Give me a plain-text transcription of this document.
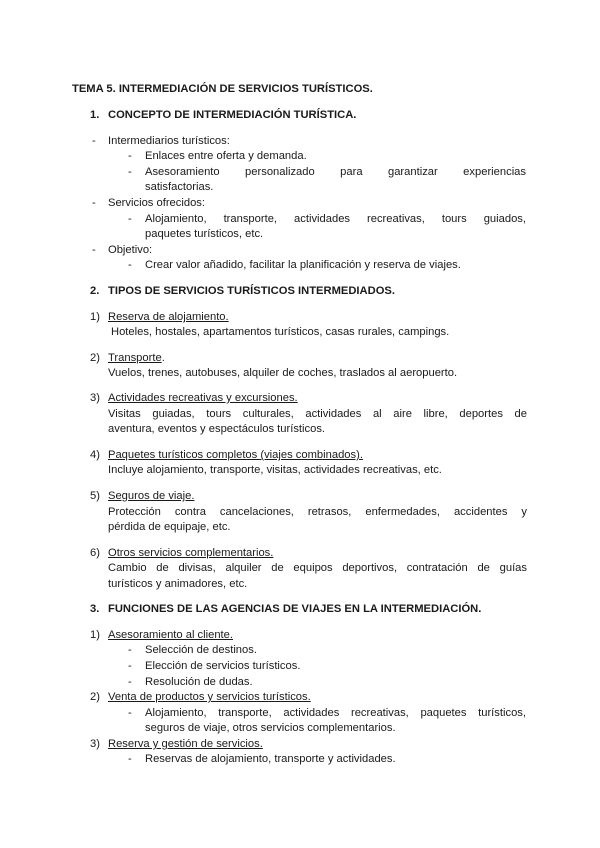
TEMA 5. INTERMEDIACIÓN DE SERVICIOS TURÍSTICOS.
1. CONCEPTO DE INTERMEDIACIÓN TURÍSTICA.
- Intermediarios turísticos:
- Enlaces entre oferta y demanda.
- Asesoramiento personalizado para garantizar experiencias
satisfactorias.
- Servicios ofrecidos:
- Alojamiento, transporte, actividades recreativas, tours guiados,
paquetes turísticos, etc.
- Objetivo:
- Crear valor añadido, facilitar la planificación y reserva de viajes.
2. TIPOS DE SERVICIOS TURÍSTICOS INTERMEDIADOS.
1) Reserva de alojamiento.
Hoteles, hostales, apartamentos turísticos, casas rurales, campings.
2) Transporte.
Vuelos, trenes, autobuses, alquiler de coches, traslados al aeropuerto.
3) Actividades recreativas y excursiones.
Visitas guiadas, tours culturales, actividades al aire libre, deportes de
aventura, eventos y espectáculos turísticos.
4) Paquetes turísticos completos (viajes combinados).
Incluye alojamiento, transporte, visitas, actividades recreativas, etc.
5) Seguros de viaje.
Protección contra cancelaciones, retrasos, enfermedades, accidentes y
pérdida de equipaje, etc.
6) Otros servicios complementarios.
Cambio de divisas, alquiler de equipos deportivos, contratación de guías
turísticos y animadores, etc.
3. FUNCIONES DE LAS AGENCIAS DE VIAJES EN LA INTERMEDIACIÓN.
1) Asesoramiento al cliente.
- Selección de destinos.
- Elección de servicios turísticos.
- Resolución de dudas.
2) Venta de productos y servicios turísticos.
- Alojamiento, transporte, actividades recreativas, paquetes turísticos,
seguros de viaje, otros servicios complementarios.
3) Reserva y gestión de servicios.
- Reservas de alojamiento, transporte y actividades.
